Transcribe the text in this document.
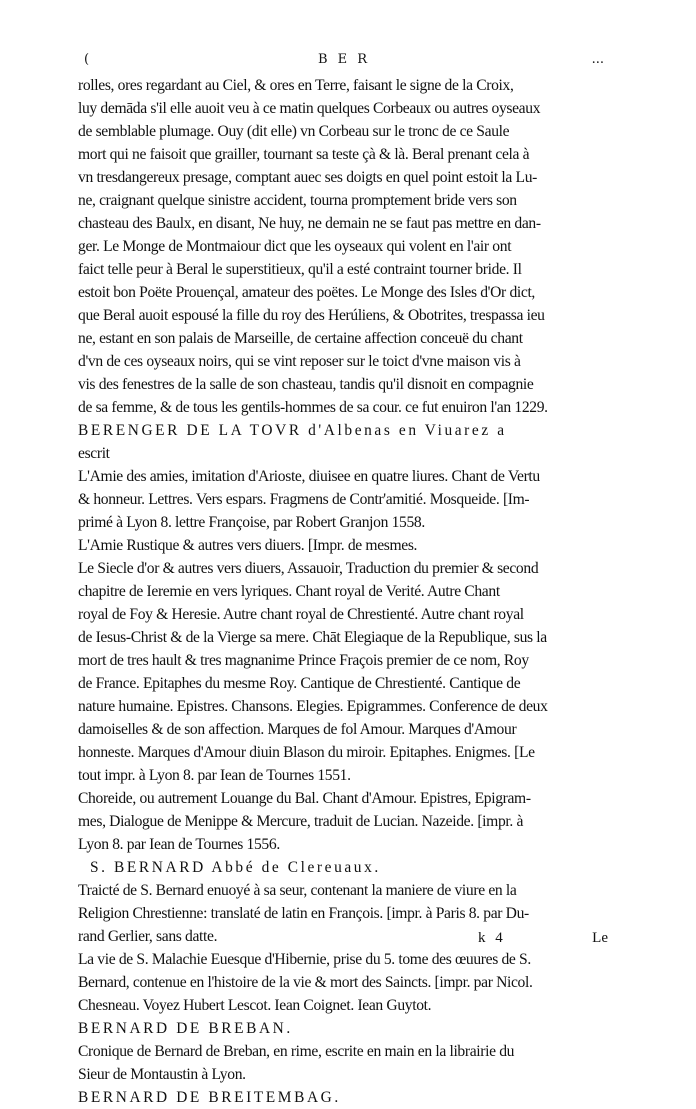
(	B E R	...
rolles, ores regardant au Ciel, & ores en Terre, faisant le signe de la Croix,
luy demāda s'il elle auoit veu à ce matin quelques Corbeaux ou autres oyseaux
de semblable plumage. Ouy (dit elle) vn Corbeau sur le tronc de ce Saule
mort qui ne faisoit que grailler, tournant sa teste çà & là. Beral prenant cela à
vn tresdangereux presage, comptant auec ses doigts en quel point estoit la Lu-
ne, craignant quelque sinistre accident, tourna promptement bride vers son
chasteau des Baulx, en disant, Ne huy, ne demain ne se faut pas mettre en dan-
ger. Le Monge de Montmaiour dict que les oyseaux qui volent en l'air ont
faict telle peur à Beral le superstitieux, qu'il a esté contraint tourner bride. Il
estoit bon Poëte Prouençal, amateur des poëtes. Le Monge des Isles d'Or dict,
que Beral auoit espousé la fille du roy des Herúliens, & Obotrites, trespassa ieu
ne, estant en son palais de Marseille, de certaine affection conceuë du chant
d'vn de ces oyseaux noirs, qui se vint reposer sur le toict d'vne maison vis à
vis des fenestres de la salle de son chasteau, tandis qu'il disnoit en compagnie
de sa femme, & de tous les gentils-hommes de sa cour. ce fut enuiron l'an 1229.
BERENGER DE LA TOVR d'Albenas en Viuarez a
escrit
L'Amie des amies, imitation d'Arioste, diuisee en quatre liures. Chant de Vertu
& honneur. Lettres. Vers espars. Fragmens de Contr'amitié. Mosqueide. [Im-
primé à Lyon 8. lettre Françoise, par Robert Granjon 1558.
L'Amie Rustique & autres vers diuers. [Impr. de mesmes.
Le Siecle d'or & autres vers diuers, Assauoir, Traduction du premier & second
chapitre de Ieremie en vers lyriques. Chant royal de Verité. Autre Chant
royal de Foy & Heresie. Autre chant royal de Chrestienté. Autre chant royal
de Iesus-Christ & de la Vierge sa mere. Chāt Elegiaque de la Republique, sus la
mort de tres hault & tres magnanime Prince Fraçois premier de ce nom, Roy
de France. Epitaphes du mesme Roy. Cantique de Chrestienté. Cantique de
nature humaine. Epistres. Chansons. Elegies. Epigrammes. Conference de deux
damoiselles & de son affection. Marques de fol Amour. Marques d'Amour
honneste. Marques d'Amour diuin Blason du miroir. Epitaphes. Enigmes. [Le
tout impr. à Lyon 8. par Iean de Tournes 1551.
Choreide, ou autrement Louange du Bal. Chant d'Amour. Epistres, Epigram-
mes, Dialogue de Menippe & Mercure, traduit de Lucian. Nazeide. [impr. à
Lyon 8. par Iean de Tournes 1556.
S. BERNARD Abbé de Clereuaux.
Traicté de S. Bernard enuoyé à sa seur, contenant la maniere de viure en la
Religion Chrestienne: translaté de latin en François. [impr. à Paris 8. par Du-
rand Gerlier, sans datte.
La vie de S. Malachie Euesque d'Hibernie, prise du 5. tome des œuures de S.
Bernard, contenue en l'histoire de la vie & mort des Saincts. [impr. par Nicol.
Chesneau. Voyez Hubert Lescot. Iean Coignet. Iean Guytot.
BERNARD DE BREBAN.
Cronique de Bernard de Breban, en rime, escrite en main en la librairie du
Sieur de Montaustin à Lyon.
BERNARD DE BREITEMBAG.
k 4	Le
